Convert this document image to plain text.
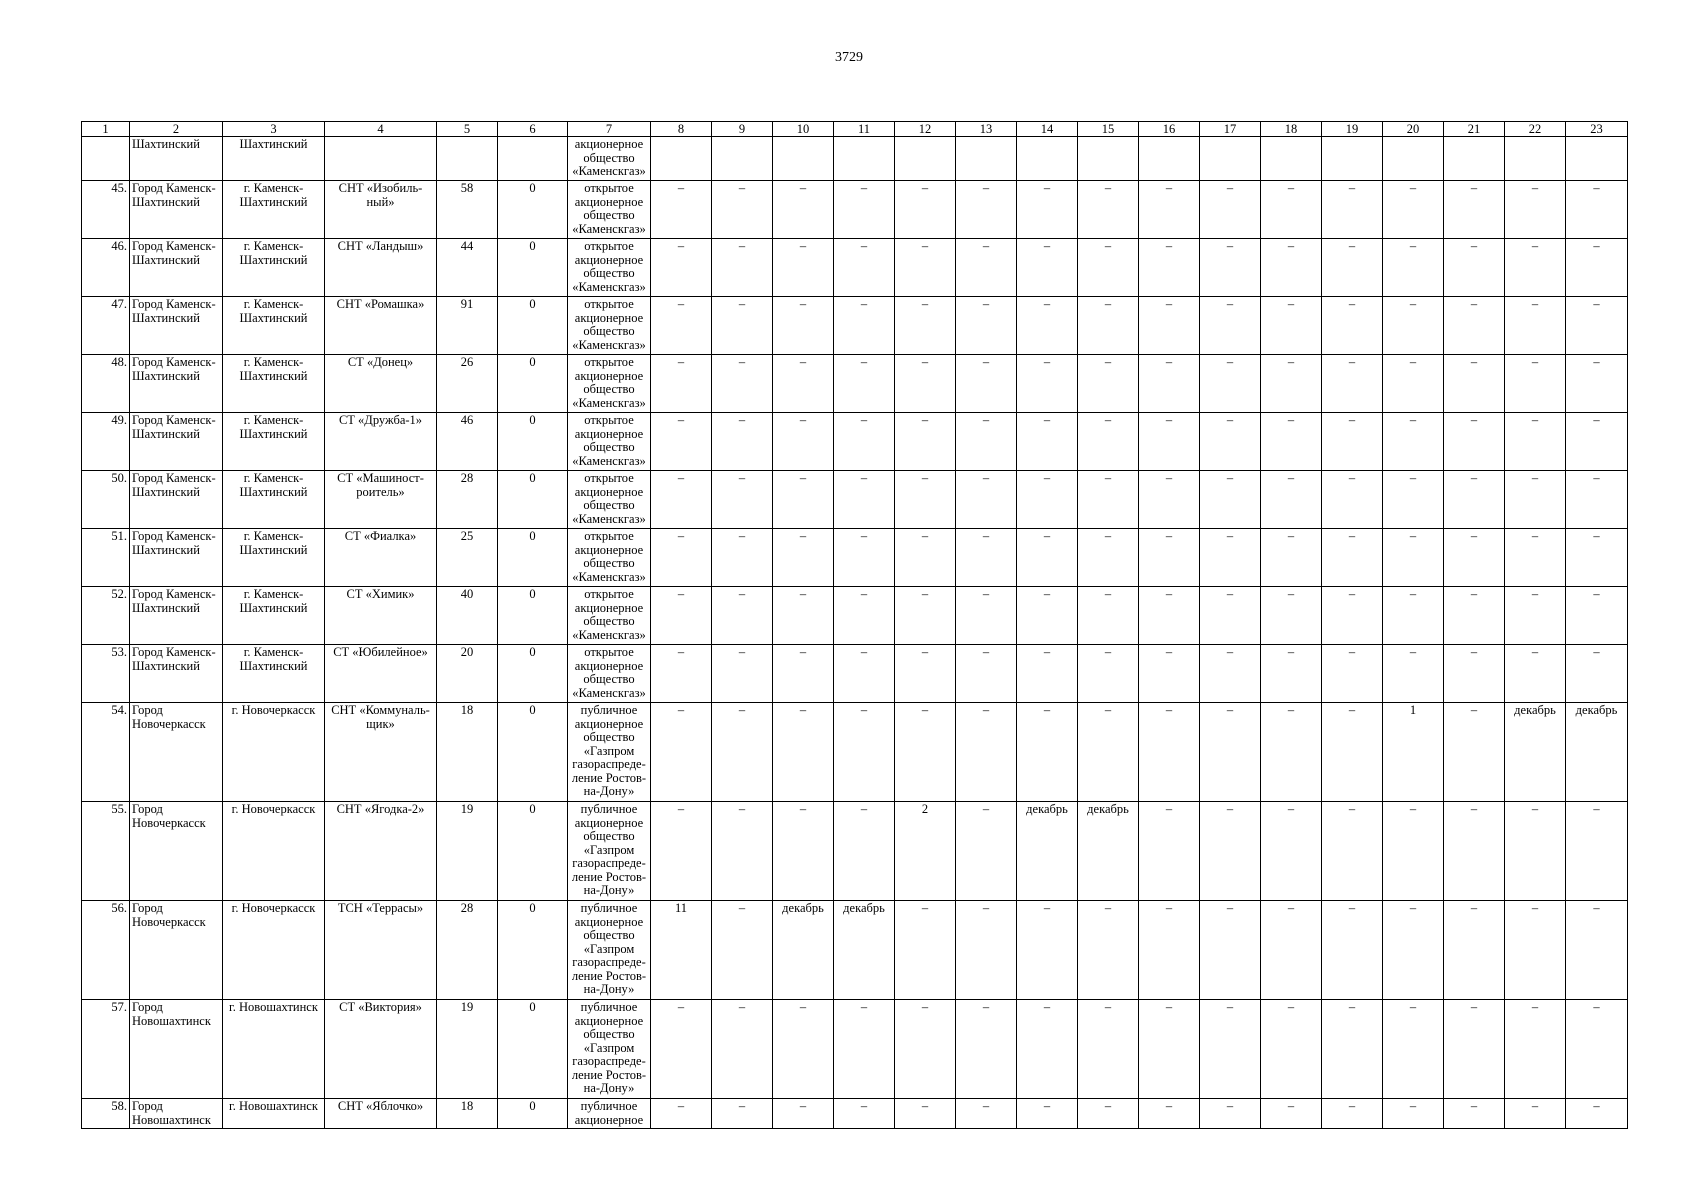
3729
1	2	3	4	5	6	7	8	9	10	11	12	13	14	15	16	17	18	19	20	21	22	23
	Шахтинский	Шахтинский				акционерное общество «Каменскгаз»																
45.	Город Каменск-Шахтинский	г. Каменск-Шахтинский	СНТ «Изобиль-ный»	58	0	открытое акционерное общество «Каменскгаз»	–	–	–	–	–	–	–	–	–	–	–	–	–	–	–	–
46.	Город Каменск-Шахтинский	г. Каменск-Шахтинский	СНТ «Ландыш»	44	0	открытое акционерное общество «Каменскгаз»	–	–	–	–	–	–	–	–	–	–	–	–	–	–	–	–
47.	Город Каменск-Шахтинский	г. Каменск-Шахтинский	СНТ «Ромашка»	91	0	открытое акционерное общество «Каменскгаз»	–	–	–	–	–	–	–	–	–	–	–	–	–	–	–	–
48.	Город Каменск-Шахтинский	г. Каменск-Шахтинский	СТ «Донец»	26	0	открытое акционерное общество «Каменскгаз»	–	–	–	–	–	–	–	–	–	–	–	–	–	–	–	–
49.	Город Каменск-Шахтинский	г. Каменск-Шахтинский	СТ «Дружба-1»	46	0	открытое акционерное общество «Каменскгаз»	–	–	–	–	–	–	–	–	–	–	–	–	–	–	–	–
50.	Город Каменск-Шахтинский	г. Каменск-Шахтинский	СТ «Машиност-роитель»	28	0	открытое акционерное общество «Каменскгаз»	–	–	–	–	–	–	–	–	–	–	–	–	–	–	–	–
51.	Город Каменск-Шахтинский	г. Каменск-Шахтинский	СТ «Фиалка»	25	0	открытое акционерное общество «Каменскгаз»	–	–	–	–	–	–	–	–	–	–	–	–	–	–	–	–
52.	Город Каменск-Шахтинский	г. Каменск-Шахтинский	СТ «Химик»	40	0	открытое акционерное общество «Каменскгаз»	–	–	–	–	–	–	–	–	–	–	–	–	–	–	–	–
53.	Город Каменск-Шахтинский	г. Каменск-Шахтинский	СТ «Юбилейное»	20	0	открытое акционерное общество «Каменскгаз»	–	–	–	–	–	–	–	–	–	–	–	–	–	–	–	–
54.	Город Новочеркасск	г. Новочеркасск	СНТ «Коммуналь-щик»	18	0	публичное акционерное общество «Газпром газораспреде-ление Ростов-на-Дону»	–	–	–	–	–	–	–	–	–	–	–	–	1	–	декабрь	декабрь
55.	Город Новочеркасск	г. Новочеркасск	СНТ «Ягодка-2»	19	0	публичное акционерное общество «Газпром газораспреде-ление Ростов-на-Дону»	–	–	–	–	2	–	декабрь	декабрь	–	–	–	–	–	–	–	–
56.	Город Новочеркасск	г. Новочеркасск	ТСН «Террасы»	28	0	публичное акционерное общество «Газпром газораспреде-ление Ростов-на-Дону»	11	–	декабрь	декабрь	–	–	–	–	–	–	–	–	–	–	–	–
57.	Город Новошахтинск	г. Новошахтинск	СТ «Виктория»	19	0	публичное акционерное общество «Газпром газораспреде-ление Ростов-на-Дону»	–	–	–	–	–	–	–	–	–	–	–	–	–	–	–	–
58.	Город Новошахтинск	г. Новошахтинск	СНТ «Яблочко»	18	0	публичное акционерное	–	–	–	–	–	–	–	–	–	–	–	–	–	–	–	–
